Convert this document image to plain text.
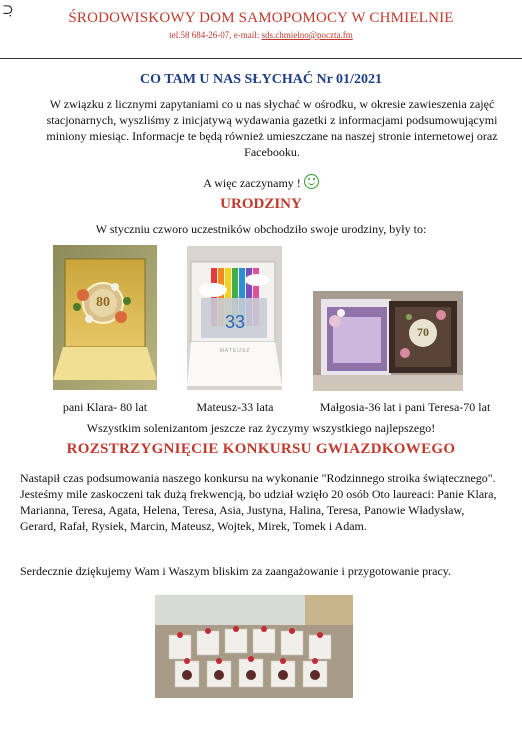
⊃̣	ŚRODOWISKOWY DOM SAMOPOMOCY W CHMIELNIE
tel.58 684-26-07, e-mail: sds.chmielno@poczta.fm
CO TAM U NAS SŁYCHAĆ Nr 01/2021
W związku z licznymi zapytaniami co u nas słychać w ośrodku, w okresie zawieszenia zajęć stacjonarnych, wyszliśmy z inicjatywą wydawania gazetki z informacjami podsumowującymi miniony miesiąc. Informacje te będą również umieszczane na naszej stronie internetowej oraz Facebooku.
A więc zaczynamy !
URODZINY
W styczniu czworo uczestników obchodziło swoje urodziny, były to:
80
pani Klara- 80 lat
33
MATEUSZ
Mateusz-33 lata
70
Małgosia-36 lat i pani Teresa-70 lat
Wszystkim solenizantom jeszcze raz życzymy wszystkiego najlepszego!
ROZSTRZYGNIĘCIE KONKURSU GWIAZDKOWEGO
Nastapił czas podsumowania naszego konkursu na wykonanie "Rodzinnego stroika świątecznego". Jesteśmy mile zaskoczeni tak dużą frekwencją, bo udział wzięło 20 osób Oto laureaci: Panie Klara, Marianna, Teresa, Agata, Helena, Teresa, Asia, Justyna, Halina, Teresa, Panowie Władysław, Gerard, Rafał, Rysiek, Marcin, Mateusz, Wojtek, Mirek, Tomek i Adam.
Serdecznie dziękujemy Wam i Waszym bliskim za zaangażowanie i przygotowanie pracy.
